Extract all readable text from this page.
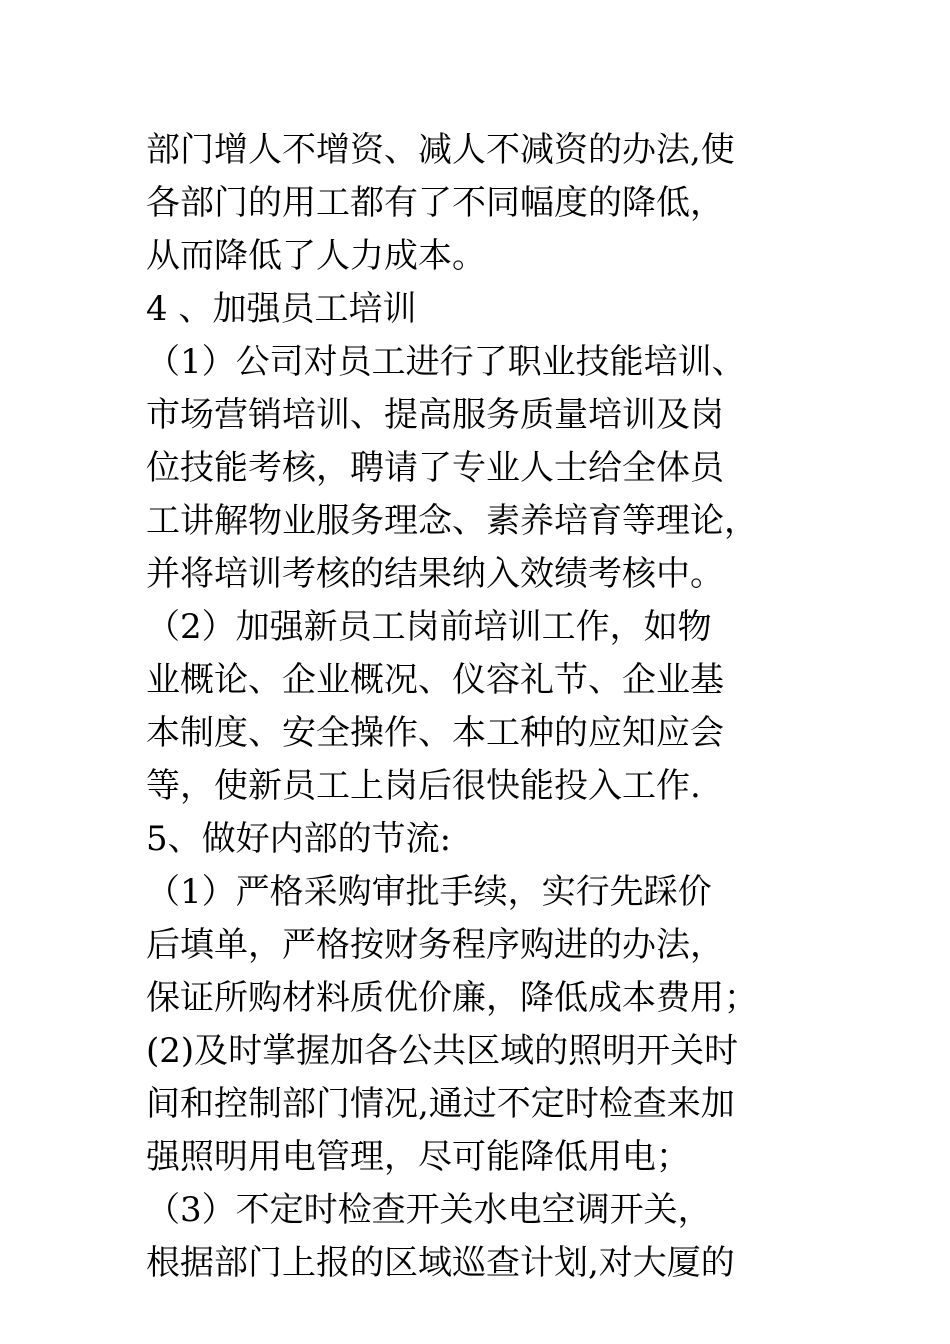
部门增人不增资、减人不减资的办法,使
各部门的用工都有了不同幅度的降低，
从而降低了人力成本。
4 、加强员工培训
（1）公司对员工进行了职业技能培训、
市场营销培训、提高服务质量培训及岗
位技能考核，聘请了专业人士给全体员
工讲解物业服务理念、素养培育等理论，
并将培训考核的结果纳入效绩考核中。
（2）加强新员工岗前培训工作，如物
业概论、企业概况、仪容礼节、企业基
本制度、安全操作、本工种的应知应会
等，使新员工上岗后很快能投入工作.
5、做好内部的节流:
（1）严格采购审批手续，实行先踩价
后填单，严格按财务程序购进的办法，
保证所购材料质优价廉，降低成本费用；
(2)及时掌握加各公共区域的照明开关时
间和控制部门情况,通过不定时检查来加
强照明用电管理，尽可能降低用电；
（3）不定时检查开关水电空调开关，
根据部门上报的区域巡查计划,对大厦的
